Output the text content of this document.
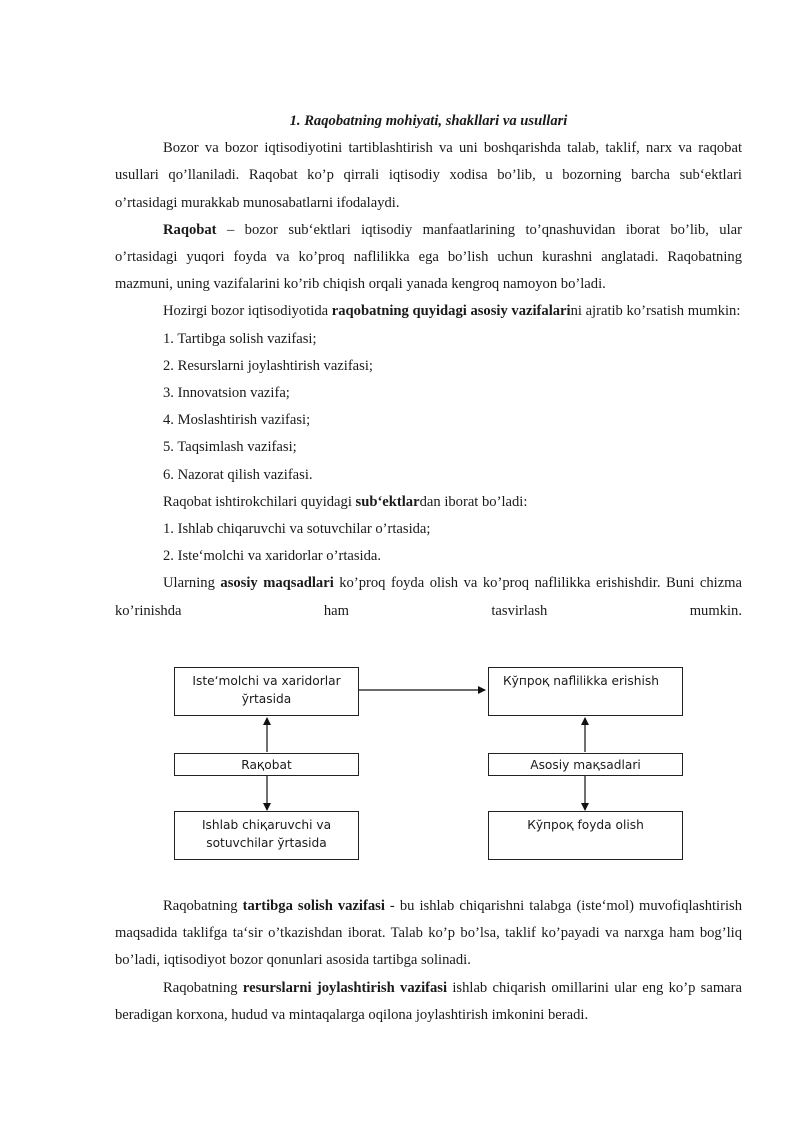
1. Raqobatning mohiyati, shakllari va usullari

Bozor va bozor iqtisodiyotini tartiblashtirish va uni boshqarishda talab, taklif, narx va raqobat usullari qo’llaniladi. Raqobat ko’p qirrali iqtisodiy xodisa bo’lib, u bozorning barcha sub‘ektlari o’rtasidagi murakkab munosabatlarni ifodalaydi.

Raqobat – bozor sub‘ektlari iqtisodiy manfaatlarining to’qnashuvidan iborat bo’lib, ular o’rtasidagi yuqori foyda va ko’proq naflilikka ega bo’lish uchun kurashni anglatadi. Raqobatning mazmuni, uning vazifalarini ko’rib chiqish orqali yanada kengroq namoyon bo’ladi.

Hozirgi bozor iqtisodiyotida raqobatning quyidagi asosiy vazifalarini ajratib ko’rsatish mumkin:

1. Tartibga solish vazifasi;

2. Resurslarni joylashtirish vazifasi;

3. Innovatsion vazifa;

4. Moslashtirish vazifasi;

5. Taqsimlash vazifasi;

6. Nazorat qilish vazifasi.

Raqobat ishtirokchilari quyidagi sub‘ektlardan iborat bo’ladi:

1. Ishlab chiqaruvchi va sotuvchilar o’rtasida;

2. Iste‘molchi va xaridorlar o’rtasida.

Ularning asosiy maqsadlari ko’proq foyda olish va ko’proq naflilikka erishishdir. Buni chizma ko’rinishda ham tasvirlash mumkin.

Iste‘molchi va xaridorlar ўrtasida
Кўпроқ naflilikka erishish
Raқobat	Asosiy maқsadlari
Ishlab chiқaruvchi va sotuvchilar ўrtasida
Кўпроқ foyda olish

Raqobatning tartibga solish vazifasi - bu ishlab chiqarishni talabga (iste‘mol) muvofiqlashtirish maqsadida taklifga ta‘sir o’tkazishdan iborat. Talab ko’p bo’lsa, taklif ko’payadi va narxga ham bog’liq bo’ladi, iqtisodiyot bozor qonunlari asosida tartibga solinadi.

Raqobatning resurslarni joylashtirish vazifasi ishlab chiqarish omillarini ular eng ko’p samara beradigan korxona, hudud va mintaqalarga oqilona joylashtirish imkonini beradi.
